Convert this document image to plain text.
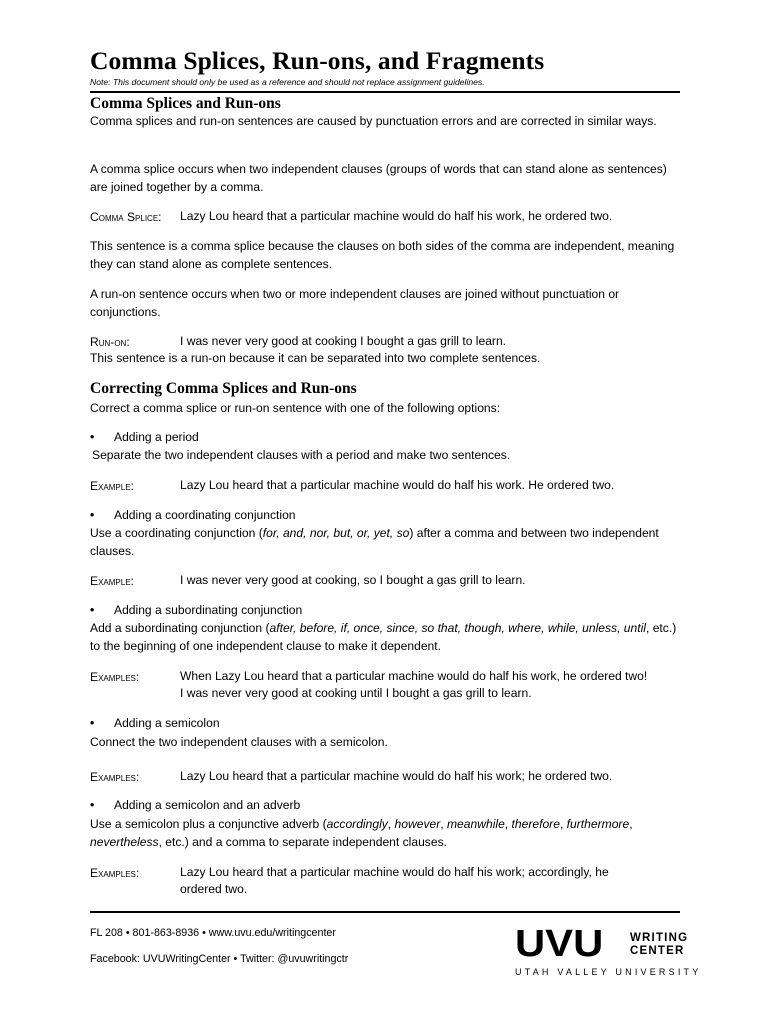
Comma Splices, Run-ons, and Fragments
Note: This document should only be used as a reference and should not replace assignment guidelines.
Comma Splices and Run-ons
Comma splices and run-on sentences are caused by punctuation errors and are corrected in similar ways.
A comma splice occurs when two independent clauses (groups of words that can stand alone as sentences) are joined together by a comma.
Comma Splice: Lazy Lou heard that a particular machine would do half his work, he ordered two.
This sentence is a comma splice because the clauses on both sides of the comma are independent, meaning they can stand alone as complete sentences.
A run-on sentence occurs when two or more independent clauses are joined without punctuation or conjunctions.
Run-on:	I was never very good at cooking I bought a gas grill to learn.
This sentence is a run-on because it can be separated into two complete sentences.
Correcting Comma Splices and Run-ons
Correct a comma splice or run-on sentence with one of the following options:
• Adding a period
Separate the two independent clauses with a period and make two sentences.
Example:	Lazy Lou heard that a particular machine would do half his work. He ordered two.
• Adding a coordinating conjunction
Use a coordinating conjunction (for, and, nor, but, or, yet, so) after a comma and between two independent clauses.
Example:	I was never very good at cooking, so I bought a gas grill to learn.
• Adding a subordinating conjunction
Add a subordinating conjunction (after, before, if, once, since, so that, though, where, while, unless, until, etc.) to the beginning of one independent clause to make it dependent.
Examples:	When Lazy Lou heard that a particular machine would do half his work, he ordered two!
I was never very good at cooking until I bought a gas grill to learn.
• Adding a semicolon
Connect the two independent clauses with a semicolon.
Examples:	Lazy Lou heard that a particular machine would do half his work; he ordered two.
• Adding a semicolon and an adverb
Use a semicolon plus a conjunctive adverb (accordingly, however, meanwhile, therefore, furthermore, nevertheless, etc.) and a comma to separate independent clauses.
Examples:	Lazy Lou heard that a particular machine would do half his work; accordingly, he
ordered two.
FL 208 • 801-863-8936 • www.uvu.edu/writingcenter
Facebook: UVUWritingCenter • Twitter: @uvuwritingctr	UVU WRITING
CENTER
UTAH VALLEY UNIVERSITY
